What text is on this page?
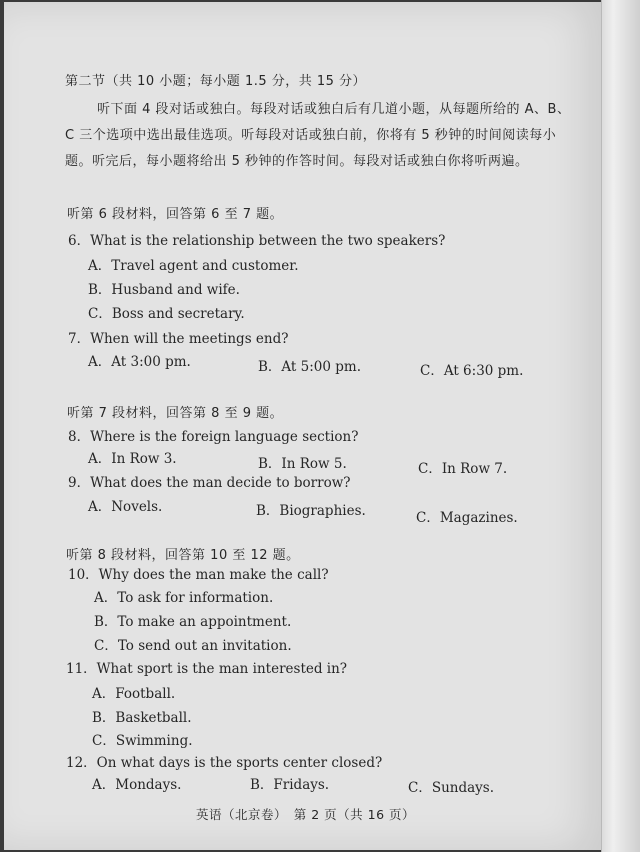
第二节（共 10 小题；每小题 1.5 分，共 15 分）
听下面 4 段对话或独白。每段对话或独白后有几道小题，从每题所给的 A、B、
C 三个选项中选出最佳选项。听每段对话或独白前，你将有 5 秒钟的时间阅读每小
题。听完后，每小题将给出 5 秒钟的作答时间。每段对话或独白你将听两遍。
听第 6 段材料，回答第 6 至 7 题。
6．What is the relationship between the two speakers?
A．Travel agent and customer.
B．Husband and wife.
C．Boss and secretary.
7．When will the meetings end?
A．At 3:00 pm.	B．At 5:00 pm.	C．At 6:30 pm.
听第 7 段材料，回答第 8 至 9 题。
8．Where is the foreign language section?
A．In Row 3.	B．In Row 5.	C．In Row 7.
9．What does the man decide to borrow?
A．Novels.	B．Biographies.	C．Magazines.
听第 8 段材料，回答第 10 至 12 题。
10．Why does the man make the call?
A．To ask for information.
B．To make an appointment.
C．To send out an invitation.
11．What sport is the man interested in?
A．Football.
B．Basketball.
C．Swimming.
12．On what days is the sports center closed?
A．Mondays.	B．Fridays.	C．Sundays.
英语（北京卷）　第 2 页（共 16 页）
